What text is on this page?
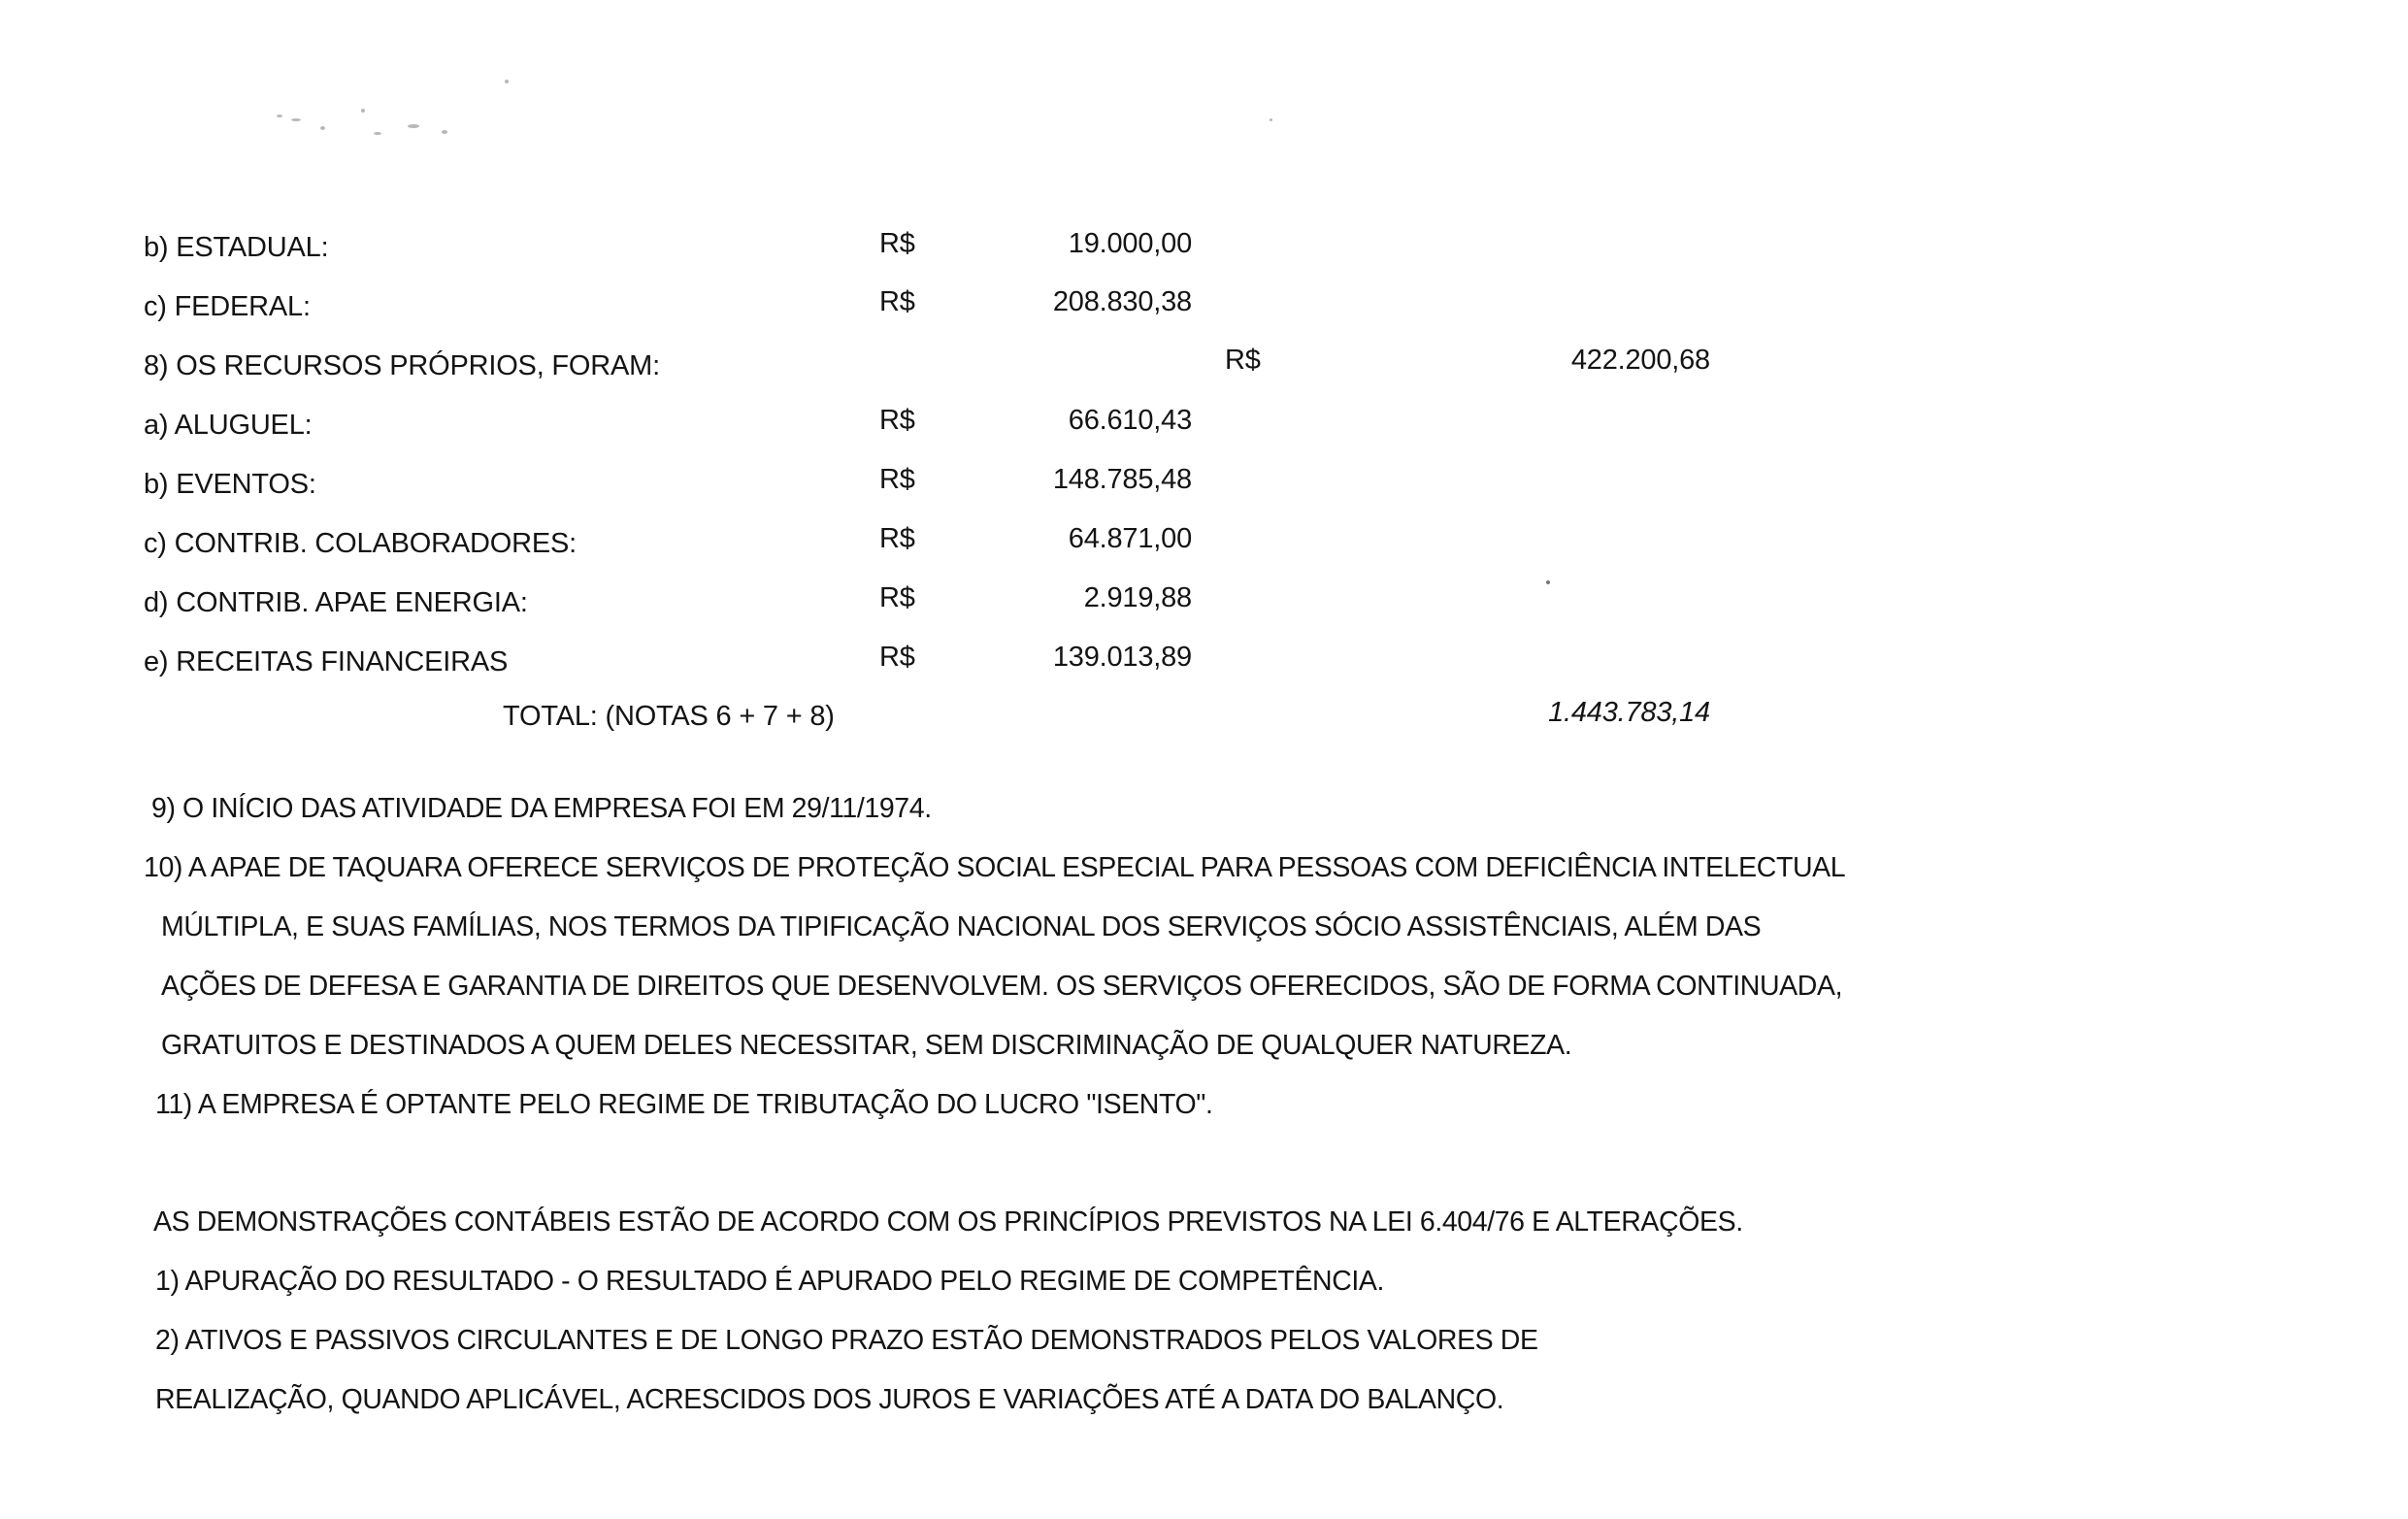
b) ESTADUAL:	R$	19.000,00
c) FEDERAL:	R$	208.830,38
8) OS RECURSOS PRÓPRIOS, FORAM:	R$	422.200,68
a) ALUGUEL:	R$	66.610,43
b) EVENTOS:	R$	148.785,48
c) CONTRIB. COLABORADORES:	R$	64.871,00
d) CONTRIB. APAE ENERGIA:	R$	2.919,88
e) RECEITAS FINANCEIRAS	R$	139.013,89
TOTAL: (NOTAS 6 + 7 + 8)	1.443.783,14
9) O INÍCIO DAS ATIVIDADE DA EMPRESA FOI EM 29/11/1974.
10) A APAE DE TAQUARA OFERECE SERVIÇOS DE PROTEÇÃO SOCIAL ESPECIAL PARA PESSOAS COM DEFICIÊNCIA INTELECTUAL
MÚLTIPLA, E SUAS FAMÍLIAS, NOS TERMOS DA TIPIFICAÇÃO NACIONAL DOS SERVIÇOS SÓCIO ASSISTÊNCIAIS, ALÉM DAS
AÇÕES DE DEFESA E GARANTIA DE DIREITOS QUE DESENVOLVEM. OS SERVIÇOS OFERECIDOS, SÃO DE FORMA CONTINUADA,
GRATUITOS E DESTINADOS A QUEM DELES NECESSITAR, SEM DISCRIMINAÇÃO DE QUALQUER NATUREZA.
11) A EMPRESA É OPTANTE PELO REGIME DE TRIBUTAÇÃO DO LUCRO "ISENTO".
AS DEMONSTRAÇÕES CONTÁBEIS ESTÃO DE ACORDO COM OS PRINCÍPIOS PREVISTOS NA LEI 6.404/76 E ALTERAÇÕES.
1) APURAÇÃO DO RESULTADO - O RESULTADO É APURADO PELO REGIME DE COMPETÊNCIA.
2) ATIVOS E PASSIVOS CIRCULANTES E DE LONGO PRAZO ESTÃO DEMONSTRADOS PELOS VALORES DE
REALIZAÇÃO, QUANDO APLICÁVEL, ACRESCIDOS DOS JUROS E VARIAÇÕES ATÉ A DATA DO BALANÇO.
